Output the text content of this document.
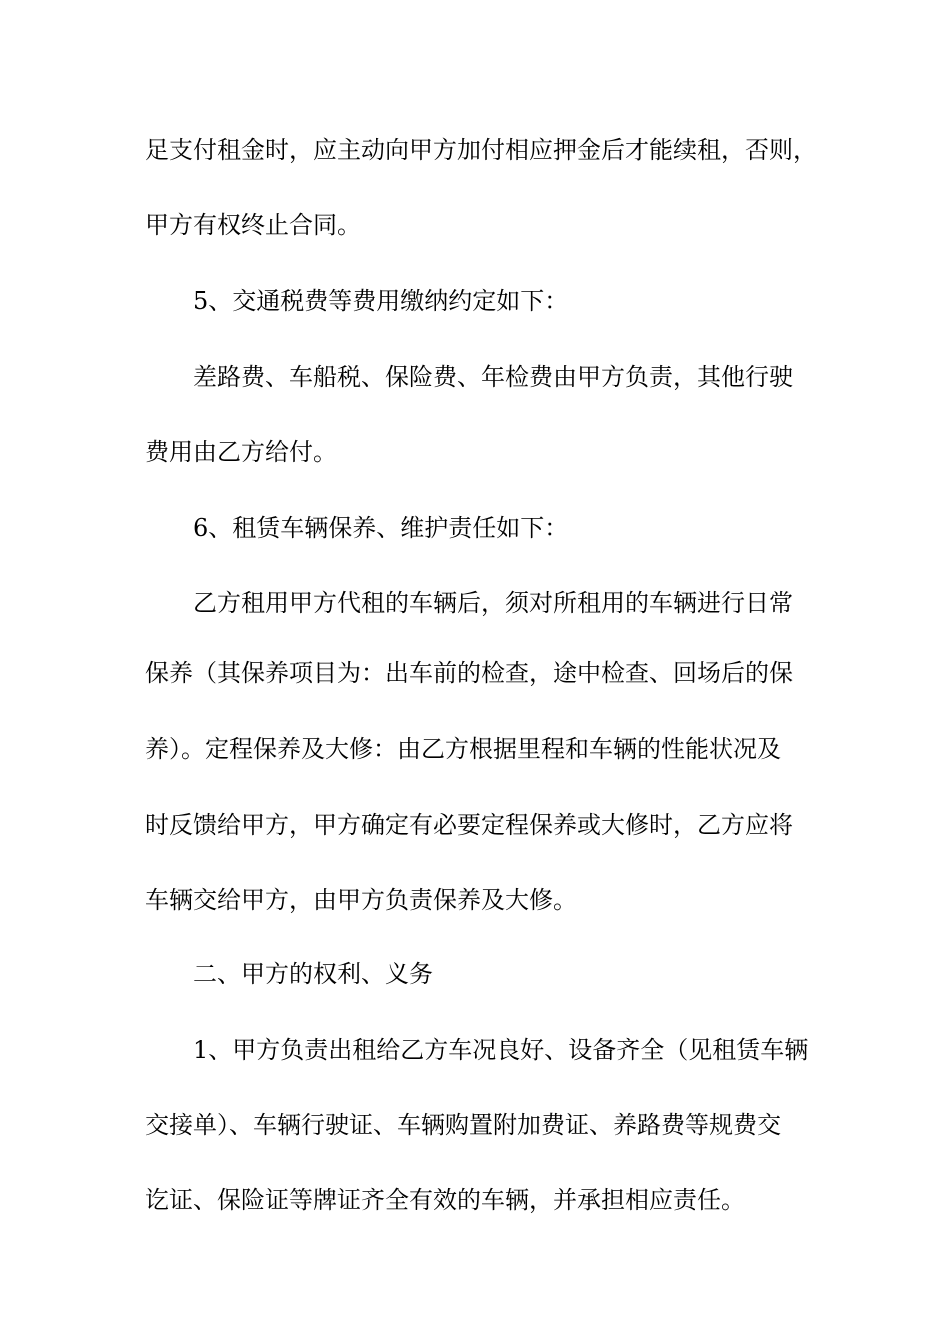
足支付租金时，应主动向甲方加付相应押金后才能续租，否则，
甲方有权终止合同。
5、交通税费等费用缴纳约定如下：
差路费、车船税、保险费、年检费由甲方负责，其他行驶
费用由乙方给付。
6、租赁车辆保养、维护责任如下：
乙方租用甲方代租的车辆后，须对所租用的车辆进行日常
保养（其保养项目为：出车前的检查，途中检查、回场后的保
养）。定程保养及大修：由乙方根据里程和车辆的性能状况及
时反馈给甲方，甲方确定有必要定程保养或大修时，乙方应将
车辆交给甲方，由甲方负责保养及大修。
二、甲方的权利、义务
1、甲方负责出租给乙方车况良好、设备齐全（见租赁车辆
交接单）、车辆行驶证、车辆购置附加费证、养路费等规费交
讫证、保险证等牌证齐全有效的车辆，并承担相应责任。
